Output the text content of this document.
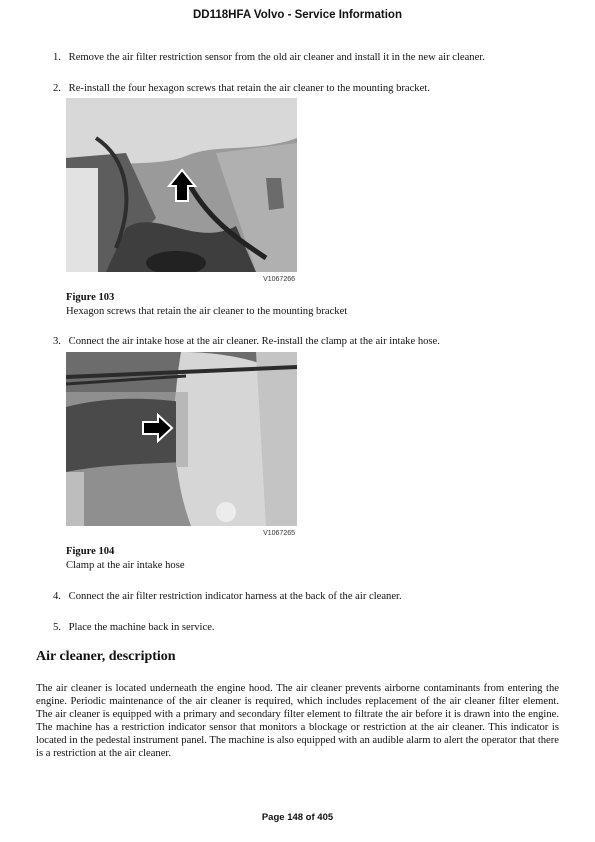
DD118HFA Volvo - Service Information
1. Remove the air filter restriction sensor from the old air cleaner and install it in the new air cleaner.
2. Re-install the four hexagon screws that retain the air cleaner to the mounting bracket.
V1067266
Figure 103
Hexagon screws that retain the air cleaner to the mounting bracket
3. Connect the air intake hose at the air cleaner. Re-install the clamp at the air intake hose.
V1067265
Figure 104
Clamp at the air intake hose
4. Connect the air filter restriction indicator harness at the back of the air cleaner.
5. Place the machine back in service.
Air cleaner, description
The air cleaner is located underneath the engine hood. The air cleaner prevents airborne contaminants from entering the engine. Periodic maintenance of the air cleaner is required, which includes replacement of the air cleaner filter element. The air cleaner is equipped with a primary and secondary filter element to filtrate the air before it is drawn into the engine. The machine has a restriction indicator sensor that monitors a blockage or restriction at the air cleaner. This indicator is located in the pedestal instrument panel. The machine is also equipped with an audible alarm to alert the operator that there is a restriction at the air cleaner.
Page 148 of 405
